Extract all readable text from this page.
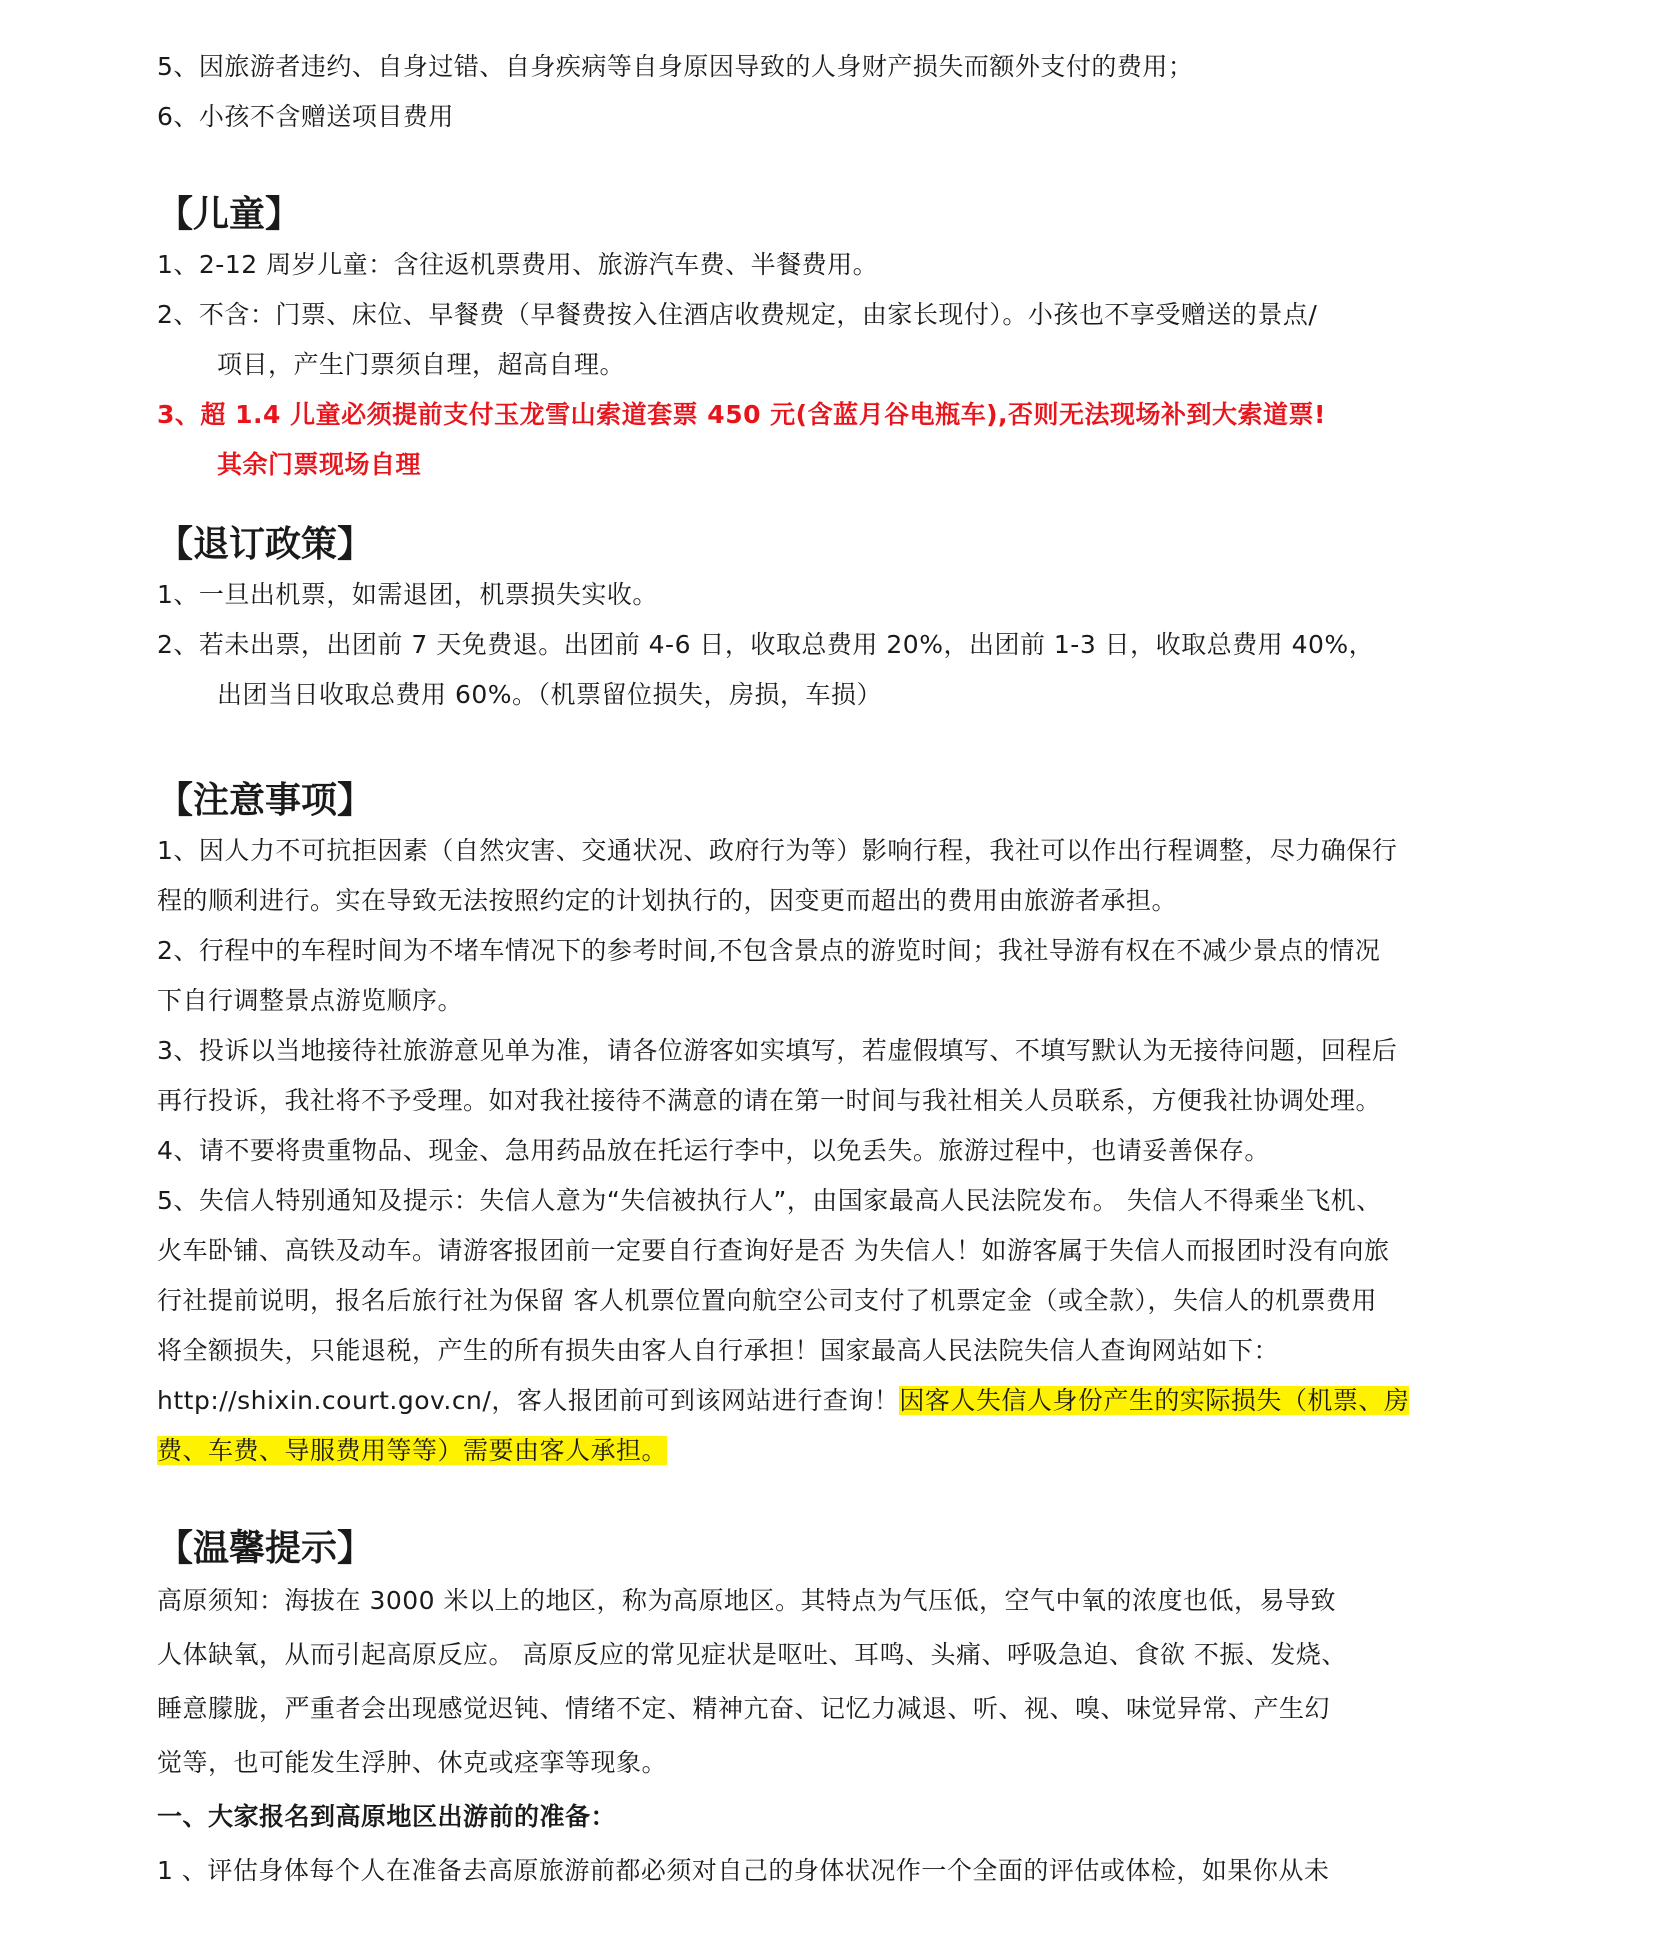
5、因旅游者违约、自身过错、自身疾病等自身原因导致的人身财产损失而额外支付的费用；
6、小孩不含赠送项目费用
【儿童】
1、2-12 周岁儿童：含往返机票费用、旅游汽车费、半餐费用。
2、不含：门票、床位、早餐费（早餐费按入住酒店收费规定，由家长现付）。小孩也不享受赠送的景点/
项目，产生门票须自理，超高自理。
3、超 1.4 儿童必须提前支付玉龙雪山索道套票 450 元(含蓝月谷电瓶车),否则无法现场补到大索道票!
其余门票现场自理
【退订政策】
1、一旦出机票，如需退团，机票损失实收。
2、若未出票，出团前 7 天免费退。出团前 4-6 日，收取总费用 20%，出团前 1-3 日，收取总费用 40%，
出团当日收取总费用 60%。（机票留位损失，房损，车损）
【注意事项】
1、因人力不可抗拒因素（自然灾害、交通状况、政府行为等）影响行程，我社可以作出行程调整，尽力确保行
程的顺利进行。实在导致无法按照约定的计划执行的，因变更而超出的费用由旅游者承担。
2、行程中的车程时间为不堵车情况下的参考时间,不包含景点的游览时间；我社导游有权在不减少景点的情况
下自行调整景点游览顺序。
3、投诉以当地接待社旅游意见单为准，请各位游客如实填写，若虚假填写、不填写默认为无接待问题，回程后
再行投诉，我社将不予受理。如对我社接待不满意的请在第一时间与我社相关人员联系，方便我社协调处理。
4、请不要将贵重物品、现金、急用药品放在托运行李中，以免丢失。旅游过程中，也请妥善保存。
5、失信人特别通知及提示：失信人意为“失信被执行人”，由国家最高人民法院发布。 失信人不得乘坐飞机、
火车卧铺、高铁及动车。请游客报团前一定要自行查询好是否 为失信人！如游客属于失信人而报团时没有向旅
行社提前说明，报名后旅行社为保留 客人机票位置向航空公司支付了机票定金（或全款），失信人的机票费用
将全额损失，只能退税，产生的所有损失由客人自行承担！国家最高人民法院失信人查询网站如下：
http://shixin.court.gov.cn/，客人报团前可到该网站进行查询！因客人失信人身份产生的实际损失（机票、房
费、车费、导服费用等等）需要由客人承担。
【温馨提示】
高原须知：海拔在 3000 米以上的地区，称为高原地区。其特点为气压低，空气中氧的浓度也低，易导致
人体缺氧，从而引起高原反应。 高原反应的常见症状是呕吐、耳鸣、头痛、呼吸急迫、食欲 不振、发烧、
睡意朦胧，严重者会出现感觉迟钝、情绪不定、精神亢奋、记忆力减退、听、视、嗅、味觉异常、产生幻
觉等，也可能发生浮肿、休克或痉挛等现象。
一、大家报名到高原地区出游前的准备：
1 、评估身体每个人在准备去高原旅游前都必须对自己的身体状况作一个全面的评估或体检，如果你从未
